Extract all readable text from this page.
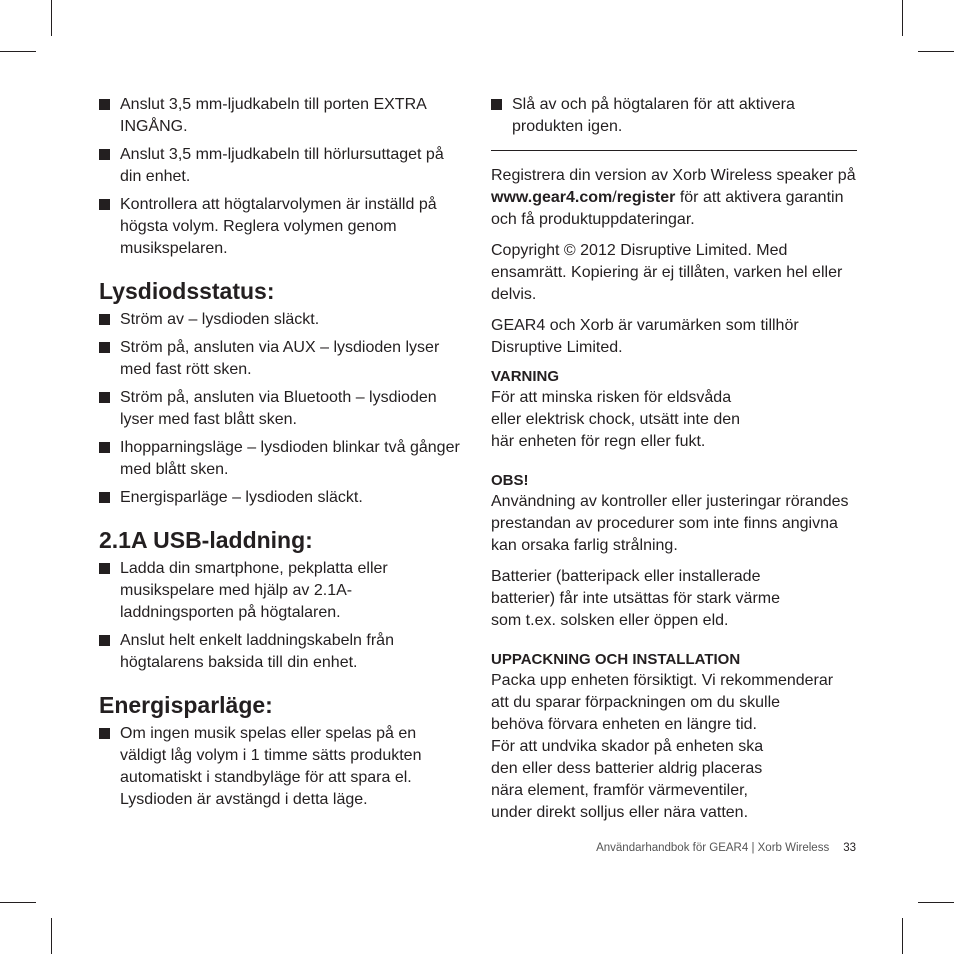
Anslut 3,5 mm-ljudkabeln till porten EXTRA INGÅNG.
Anslut 3,5 mm-ljudkabeln till hörlursuttaget på din enhet.
Kontrollera att högtalarvolymen är inställd på högsta volym. Reglera volymen genom musikspelaren.
Lysdiodsstatus:
Ström av – lysdioden släckt.
Ström på, ansluten via AUX – lysdioden lyser med fast rött sken.
Ström på, ansluten via Bluetooth – lysdioden lyser med fast blått sken.
Ihopparningsläge – lysdioden blinkar två gånger med blått sken.
Energisparläge – lysdioden släckt.
2.1A USB-laddning:
Ladda din smartphone, pekplatta eller musikspelare med hjälp av 2.1A-laddningsporten på högtalaren.
Anslut helt enkelt laddningskabeln från högtalarens baksida till din enhet.
Energisparläge:
Om ingen musik spelas eller spelas på en väldigt låg volym i 1 timme sätts produkten automatiskt i standbyläge för att spara el. Lysdioden är avstängd i detta läge.
Slå av och på högtalaren för att aktivera produkten igen.
Registrera din version av Xorb Wireless speaker på www.gear4.com/register för att aktivera garantin och få produktuppdateringar.
Copyright © 2012 Disruptive Limited. Med ensamrätt. Kopiering är ej tillåten, varken hel eller delvis.
GEAR4 och Xorb är varumärken som tillhör Disruptive Limited.
VARNING
För att minska risken för eldsvåda
eller elektrisk chock, utsätt inte den
här enheten för regn eller fukt.
OBS!
Användning av kontroller eller justeringar rörandes prestandan av procedurer som inte finns angivna kan orsaka farlig strålning.
Batterier (batteripack eller installerade
batterier) får inte utsättas för stark värme
som t.ex. solsken eller öppen eld.
UPPACKNING OCH INSTALLATION
Packa upp enheten försiktigt. Vi rekommenderar
att du sparar förpackningen om du skulle
behöva förvara enheten en längre tid.
För att undvika skador på enheten ska
den eller dess batterier aldrig placeras
nära element, framför värmeventiler,
under direkt solljus eller nära vatten.
Användarhandbok för GEAR4 | Xorb Wireless 33
